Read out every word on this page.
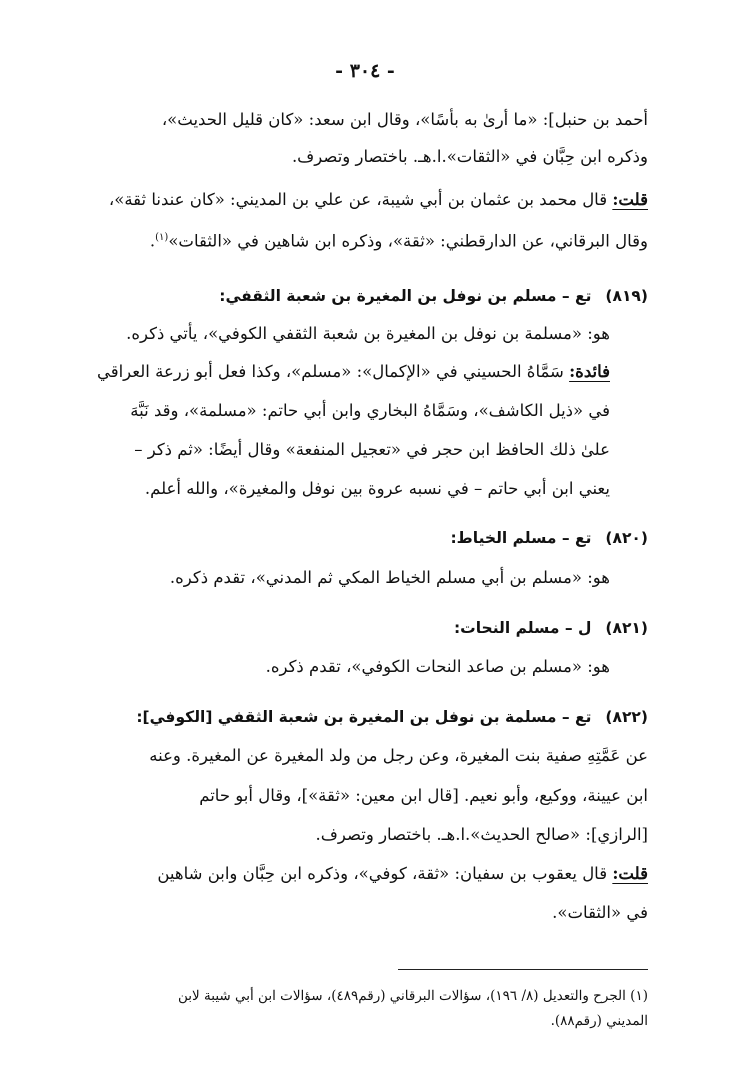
- ٣٠٤ -
أحمد بن حنبل]: «ما أرىٰ به بأسًا»، وقال ابن سعد: «كان قليل الحديث»،
وذكره ابن حِبَّان في «الثقات».ا.هـ. باختصار وتصرف.
قلت: قال محمد بن عثمان بن أبي شيبة، عن علي بن المديني: «كان عندنا ثقة»،
وقال البرقاني، عن الدارقطني: «ثقة»، وذكره ابن شاهين في «الثقات»$^{(١)}$.
(٨١٩)تع – مسلم بن نوفل بن المغيرة بن شعبة الثقفي:
هو: «مسلمة بن نوفل بن المغيرة بن شعبة الثقفي الكوفي»، يأتي ذكره.
فائدة: سَمَّاهُ الحسيني في «الإكمال»: «مسلم»، وكذا فعل أبو زرعة العراقي
في «ذيل الكاشف»، وسَمَّاهُ البخاري وابن أبي حاتم: «مسلمة»، وقد نَبَّهَ
علىٰ ذلك الحافظ ابن حجر في «تعجيل المنفعة» وقال أيضًا: «ثم ذكر –
يعني ابن أبي حاتم – في نسبه عروة بين نوفل والمغيرة»، والله أعلم.
(٨٢٠)تع – مسلم الخياط:
هو: «مسلم بن أبي مسلم الخياط المكي ثم المدني»، تقدم ذكره.
(٨٢١)ل – مسلم النحات:
هو: «مسلم بن صاعد النحات الكوفي»، تقدم ذكره.
(٨٢٢)تع – مسلمة بن نوفل بن المغيرة بن شعبة الثقفي [الكوفي]:
عن عَمَّتِهِ صفية بنت المغيرة، وعن رجل من ولد المغيرة عن المغيرة. وعنه
ابن عيينة، ووكيع، وأبو نعيم. [قال ابن معين: «ثقة»]، وقال أبو حاتم
[الرازي]: «صالح الحديث».ا.هـ. باختصار وتصرف.
قلت: قال يعقوب بن سفيان: «ثقة، كوفي»، وذكره ابن حِبَّان وابن شاهين
في «الثقات».
(١) الجرح والتعديل (٨/ ١٩٦)، سؤالات البرقاني (رقم٤٨٩)، سؤالات ابن أبي شيبة لابن
المديني (رقم٨٨).
